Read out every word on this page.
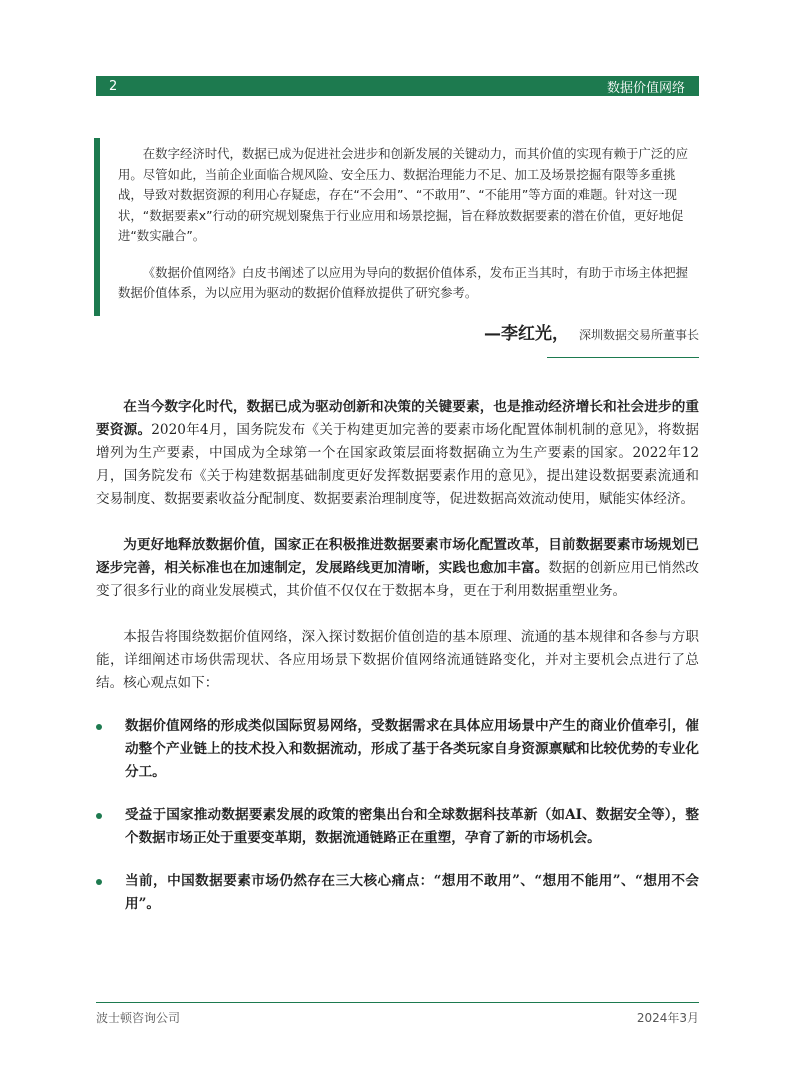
2	数据价值网络

在数字经济时代，数据已成为促进社会进步和创新发展的关键动力，而其价值的实现有赖于广泛的应用。尽管如此，当前企业面临合规风险、安全压力、数据治理能力不足、加工及场景挖掘有限等多重挑战，导致对数据资源的利用心存疑虑，存在“不会用”、“不敢用”、“不能用”等方面的难题。针对这一现状，“数据要素x”行动的研究规划聚焦于行业应用和场景挖掘，旨在释放数据要素的潜在价值，更好地促进“数实融合”。

《数据价值网络》白皮书阐述了以应用为导向的数据价值体系，发布正当其时，有助于市场主体把握数据价值体系，为以应用为驱动的数据价值释放提供了研究参考。

—李红光， 深圳数据交易所董事长

在当今数字化时代，数据已成为驱动创新和决策的关键要素，也是推动经济增长和社会进步的重要资源。2020年4月，国务院发布《关于构建更加完善的要素市场化配置体制机制的意见》，将数据增列为生产要素，中国成为全球第一个在国家政策层面将数据确立为生产要素的国家。2022年12月，国务院发布《关于构建数据基础制度更好发挥数据要素作用的意见》，提出建设数据要素流通和交易制度、数据要素收益分配制度、数据要素治理制度等，促进数据高效流动使用，赋能实体经济。

为更好地释放数据价值，国家正在积极推进数据要素市场化配置改革，目前数据要素市场规划已逐步完善，相关标准也在加速制定，发展路线更加清晰，实践也愈加丰富。数据的创新应用已悄然改变了很多行业的商业发展模式，其价值不仅仅在于数据本身，更在于利用数据重塑业务。

本报告将围绕数据价值网络，深入探讨数据价值创造的基本原理、流通的基本规律和各参与方职能，详细阐述市场供需现状、各应用场景下数据价值网络流通链路变化，并对主要机会点进行了总结。核心观点如下：

数据价值网络的形成类似国际贸易网络，受数据需求在具体应用场景中产生的商业价值牵引，催动整个产业链上的技术投入和数据流动，形成了基于各类玩家自身资源禀赋和比较优势的专业化分工。
受益于国家推动数据要素发展的政策的密集出台和全球数据科技革新（如AI、数据安全等），整个数据市场正处于重要变革期，数据流通链路正在重塑，孕育了新的市场机会。
当前，中国数据要素市场仍然存在三大核心痛点：“想用不敢用”、“想用不能用”、“想用不会用”。
波士顿咨询公司	2024年3月
